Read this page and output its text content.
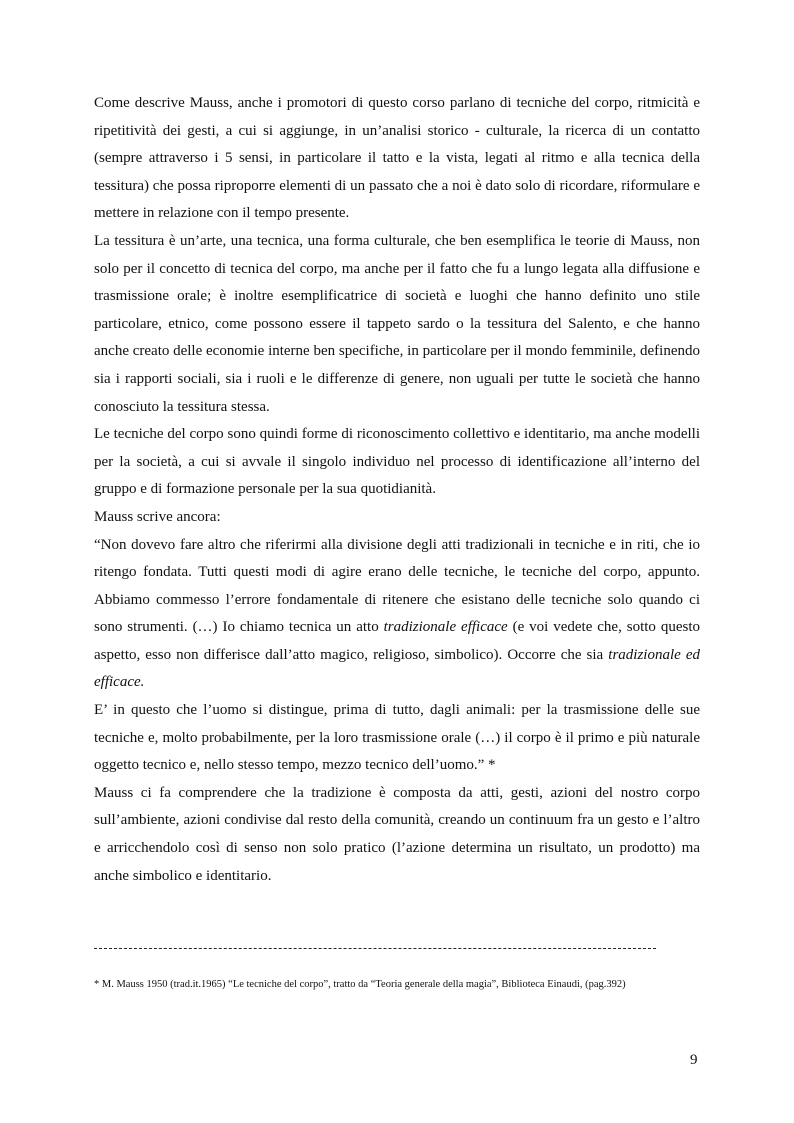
Come descrive Mauss, anche i promotori di questo corso parlano di tecniche del corpo, ritmicità e ripetitività dei gesti, a cui si aggiunge, in un’analisi storico - culturale, la ricerca di un contatto (sempre attraverso i 5 sensi, in particolare il tatto e la vista, legati al ritmo e alla tecnica della tessitura) che possa riproporre elementi di un passato che a noi è dato solo di ricordare, riformulare e mettere in relazione con il tempo presente.

La tessitura è un’arte, una tecnica, una forma culturale, che ben esemplifica le teorie di Mauss, non solo per il concetto di tecnica del corpo, ma anche per il fatto che fu a lungo legata alla diffusione e trasmissione orale; è inoltre esemplificatrice di società e luoghi che hanno definito uno stile particolare, etnico, come possono essere il tappeto sardo o la tessitura del Salento, e che hanno anche creato delle economie interne ben specifiche, in particolare per il mondo femminile, definendo sia i rapporti sociali, sia i ruoli e le differenze di genere, non uguali per tutte le società che hanno conosciuto la tessitura stessa.

Le tecniche del corpo sono quindi forme di riconoscimento collettivo e identitario, ma anche modelli per la società, a cui si avvale il singolo individuo nel processo di identificazione all’interno del gruppo e di formazione personale per la sua quotidianità.

Mauss scrive ancora:

“Non dovevo fare altro che riferirmi alla divisione degli atti tradizionali in tecniche e in riti, che io ritengo fondata. Tutti questi modi di agire erano delle tecniche, le tecniche del corpo, appunto. Abbiamo commesso l’errore fondamentale di ritenere che esistano delle tecniche solo quando ci sono strumenti. (…) Io chiamo tecnica un atto tradizionale efficace (e voi vedete che, sotto questo aspetto, esso non differisce dall’atto magico, religioso, simbolico). Occorre che sia tradizionale ed efficace.

E’ in questo che l’uomo si distingue, prima di tutto, dagli animali: per la trasmissione delle sue tecniche e, molto probabilmente, per la loro trasmissione orale (…) il corpo è il primo e più naturale oggetto tecnico e, nello stesso tempo, mezzo tecnico dell’uomo.” *

Mauss ci fa comprendere che la tradizione è composta da atti, gesti, azioni del nostro corpo sull’ambiente, azioni condivise dal resto della comunità, creando un continuum fra un gesto e l’altro e arricchendolo così di senso non solo pratico (l’azione determina un risultato, un prodotto) ma anche simbolico e identitario.

* M. Mauss 1950 (trad.it.1965) “Le tecniche del corpo”, tratto da “Teoria generale della magia”, Biblioteca Einaudi, (pag.392)
9
